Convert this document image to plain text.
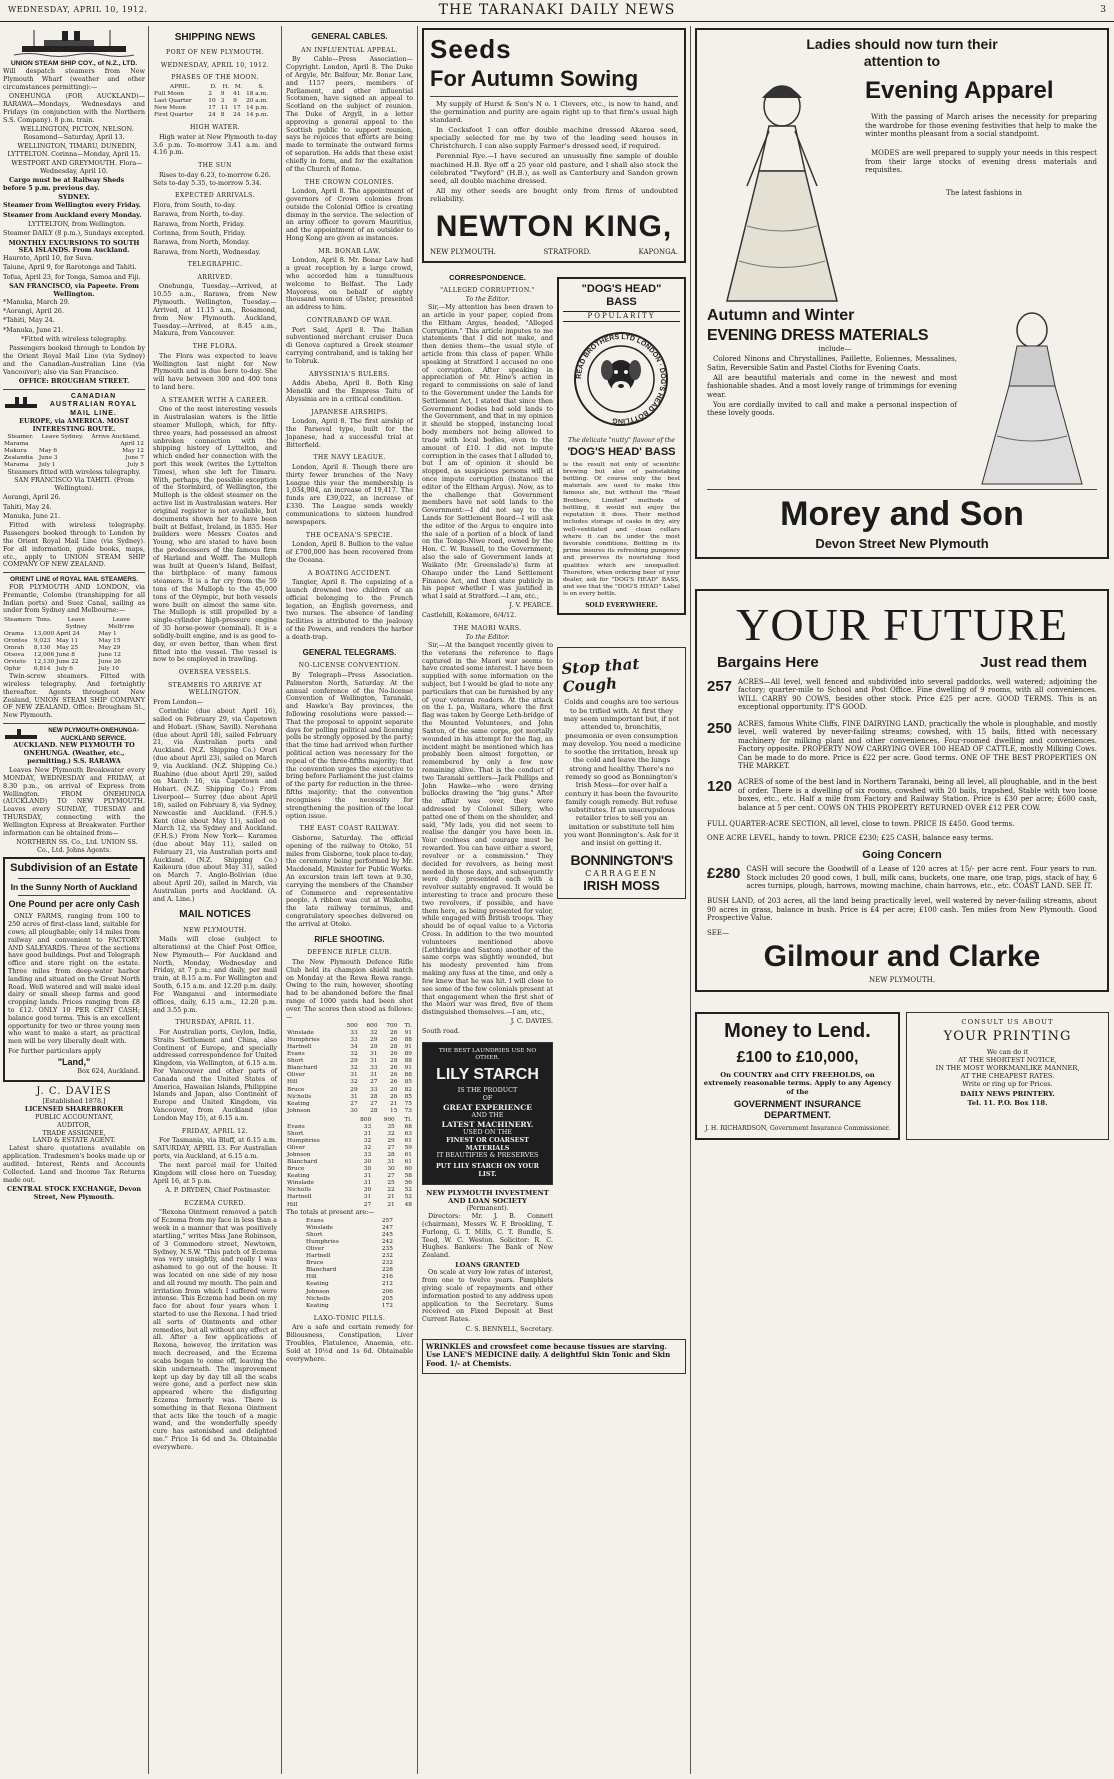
WEDNESDAY, APRIL 10, 1912.	THE TARANAKI DAILY NEWS	3
UNION STEAM SHIP COY., of N.Z., LTD.

Will despatch steamers from New Plymouth Wharf (weather and other circumstances permitting):—

ONEHUNGA (FOR AUCKLAND)—RARAWA—Mondays, Wednesdays and Fridays (in conjunction with the Northern S.S. Company). 8 p.m. train.

WELLINGTON, PICTON, NELSON. Rosamond—Saturday, April 13.

WELLINGTON, TIMARU, DUNEDIN, LYTTELTON. Corinna—Monday, April 15.

WESTPORT AND GREYMOUTH. Flora—Wednesday, April 10.

Cargo must be at Railway Sheds before 5 p.m. previous day.

SYDNEY.

Steamer from Wellington every Friday.

Steamer from Auckland every Monday.

LYTTELTON, from Wellington.

Steamer DAILY (8 p.m.), Sundays excepted.

MONTHLY EXCURSIONS TO SOUTH SEA ISLANDS. From Auckland.

Hauroto, April 10, for Suva.

Taiune, April 9, for Rarotonga and Tahiti.

Tofua, April 23, for Tonga, Samoa and Fiji.

SAN FRANCISCO, via Papeete. From Wellington.

*Manuka, March 29.

*Aorangi, April 26.

*Tahiti, May 24.

*Manuka, June 21.

*Fitted with wireless telegraphy.

Passengers booked through to London by the Orient Royal Mail Line (via Sydney) and the Canadian-Australian Line (via Vancouver); also via San Francisco.

OFFICE: BROUGHAM STREET.
CANADIAN AUSTRALIAN ROYAL MAIL LINE.
EUROPE, via AMERICA. MOST INTERESTING ROUTE.
Steamer.	Leave Sydney.	Arrive Auckland.
Marama		April 12
Makura	May 6	May 12
Zealandia	June 3	June 7
Marama	July 1	July 5

Steamers fitted with wireless telegraphy. SAN FRANCISCO Via TAHITI. (From Wellington).

Aorangi, April 26.

Tahiti, May 24.

Manuka, June 21.

Fitted with wireless telegraphy. Passengers booked through to London by the Orient Royal Mail Line (via Sydney). For all information, guide books, maps, etc., apply to UNION STEAM SHIP COMPANY OF NEW ZEALAND.

ORIENT LINE of ROYAL MAIL STEAMERS.

FOR PLYMOUTH AND LONDON, via Fremantle, Colombo (transhipping for all Indian ports) and Suez Canal, sailing as under from Sydney and Melbourne:—

Steamers	Tons.	Leave Sydney	Leave Melb'rne
Orama	13,000	April 24	May 1
Orontes	9,023	May 11	May 15
Omrah	8,130	May 25	May 29
Otsova	12,006	June 8	June 12
Orvieto	12,130	June 22	June 26
Ophir	6,814	July 6	July 10

Twin-screw steamers. Fitted with wireless telegraphy. And fortnightly thereafter. Agents throughout New Zealand, UNION STEAM SHIP COMPANY OF NEW ZEALAND. Office: Brougham St., New Plymouth.

NEW PLYMOUTH-ONEHUNGA-AUCKLAND SERVICE.

AUCKLAND. NEW PLYMOUTH TO ONEHUNGA. (Weather, etc., permitting.) S.S. RARAWA

Leaves New Plymouth Breakwater every MONDAY, WEDNESDAY and FRIDAY, at 8.30 p.m., on arrival of Express from Wellington. FROM ONEHUNGA (AUCKLAND) TO NEW PLYMOUTH. Leaves every SUNDAY, TUESDAY and THURSDAY, connecting with the Wellington Express at Breakwater. Further information can be obtained from—

NORTHERN SS. Co., Ltd. UNION SS. Co., Ltd. Johns Agents.

Subdivision of an Estate
In the Sunny North of Auckland
One Pound per acre only Cash

ONLY FARMS, ranging from 100 to 250 acres of first-class land, suitable for cows; all ploughable; only 14 miles from railway and convenient to FACTORY AND SALEYARDS. Three of the sections have good buildings. Post and Telegraph office and store right on the estate. Three miles from deep-water harbor landing and situated on the Great North Road. Well watered and will make ideal dairy or small sheep farms and good cropping lands. Prices ranging from £8 to £12. ONLY 10 PER CENT CASH; balance good terms. This is an excellent opportunity for two or three young men who want to make a start, as practical men will be very liberally dealt with.

For further particulars apply

"Land,"

Box 624, Auckland.

J. C. DAVIES
[Established 1878.]
LICENSED SHAREBROKER
PUBLIC ACCOUNTANT,
AUDITOR,
TRADE ASSIGNEE,
LAND & ESTATE AGENT.

Latest share quotations available on application. Tradesmen's books made up or audited. Interest, Rents and Accounts Collected. Land and Income Tax Returns made out.

CENTRAL STOCK EXCHANGE, Devon Street, New Plymouth.
SHIPPING NEWS
PORT OF NEW PLYMOUTH.
WEDNESDAY, APRIL 10, 1912.
PHASES OF THE MOON.
APRIL.	D.	H.	M.	S.
Full Moon	2	9	41	18 a.m.
Last Quarter	10	3	9	20 a.m.
New Moon	17	11	17	14 p.m.
First Quarter	24	8	24	14 p.m.
HIGH WATER.

High water at New Plymouth to-day 3.6 p.m. To-morrow 3.41 a.m. and 4.16 p.m.

THE SUN

Rises to-day 6.23, to-morrow 6.26. Sets to-day 5.35, to-morrow 5.34.

EXPECTED ARRIVALS.

Flora, from South, to-day.

Rarawa, from North, to-day.

Rarawa, from North, Friday.

Corinna, from South, Friday.

Rarawa, from North, Monday.

Rarawa, from North, Wednesday.

TELEGRAPHIC.
ARRIVED.

Onehunga, Tuesday.—Arrived, at 10.55 a.m., Rarawa, from New Plymouth. Wellington, Tuesday.—Arrived, at 11.15 a.m., Rosamond, from New Plymouth. Auckland, Tuesday.—Arrived, at 8.45 a.m., Makura, from Vancouver.

THE FLORA.

The Flora was expected to leave Wellington last night for New Plymouth and is due here to-day. She will have between 300 and 400 tons to land here.

A STEAMER WITH A CAREER.

One of the most interesting vessels in Australasian waters is the little steamer Mulloph, which, for fifty-three years, had possessed an almost unbroken connection with the shipping history of Lyttelton, and which ended her connection with the port this week (writes the Lyttelton Times), when she left for Timaru. With, perhaps, the possible exception of the Stormbird, of Wellington, the Mulloph is the oldest steamer on the active list in Australasian waters. Her original register is not available, but documents shown her to have been built at Belfast, Ireland, in 1855. Her builders were Messrs Coates and Young, who are stated to have been the predecessors of the famous firm of Harland and Wolff. The Mulloph was built at Queen's Island, Belfast, the birthplace of many famous steamers. It is a far cry from the 59 tons of the Mulloph to the 45,000 tons of the Olympic, but both vessels were built on almost the same site. The Mulloph is still propelled by a single-cylinder high-pressure engine of 35 horse-power (nominal). It is a solidly-built engine, and is as good to-day, or even better, than when first fitted into the vessel. The vessel is now to be employed in trawling.

OVERSEA VESSELS.
STEAMERS TO ARRIVE AT WELLINGTON.

From London—

Corinthic (due about April 16), sailed on February 29, via Capetown and Hobart. (Shaw, Savill). Nerehana (due about April 18), sailed February 21, via Australian ports and Auckland. (N.Z. Shipping Co.) Orari (due about April 23), sailed on March 9, via Auckland. (N.Z. Shipping Co.) Ruahine (due about April 29), sailed on March 16, via Capetown and Hobart. (N.Z. Shipping Co.) From Liverpool— Surrey (due about April 18), sailed on February 8, via Sydney, Newcastle and Auckland. (F.H.S.) Kent (due about May 11), sailed on March 12, via Sydney and Auckland. (F.H.S.) From New York— Karamea (due about May 11), sailed on February 21, via Australian ports and Auckland. (N.Z. Shipping Co.) Kaikoura (due about May 31), sailed on March 7. Anglo-Bolivian (due about April 20), sailed in March, via Australian ports and Auckland. (A. and A. Line.)

MAIL NOTICES
NEW PLYMOUTH.

Mails will close (subject to alterations) at the Chief Post Office, New Plymouth— For Auckland and North, Monday, Wednesday and Friday, at 7 p.m.; and daily, per mail train, at 8.15 a.m. For Wellington and South, 6.15 a.m. and 12.20 p.m. daily. For Wanganui and intermediate offices, daily, 6.15 a.m., 12.20 p.m. and 3.55 p.m.

THURSDAY, APRIL 11.

For Australian ports, Ceylon, India, Straits Settlement and China, also Continent of Europe, and specially addressed correspondence for United Kingdom, via Wellington, at 6.15 a.m. For Vancouver and other parts of Canada and the United States of America, Hawaiian Islands, Philippine Islands and Japan, also Continent of Europe and United Kingdom, via Vancouver, from Auckland (due London May 15), at 6.15 a.m.

FRIDAY, APRIL 12.

For Tasmania, via Bluff, at 6.15 a.m. SATURDAY, APRIL 13. For Australian ports, via Auckland, at 6.15 a.m.

The next parcel mail for United Kingdom will close here on Tuesday, April 16, at 5 p.m.

A. P. DRYDEN, Chief Postmaster.

ECZEMA CURED.

"Rexona Ointment removed a patch of Eczema from my face in less than a week in a manner that was positively startling," writes Miss Jane Robinson, of 3 Commodore street, Newtown, Sydney, N.S.W. "This patch of Eczema was very unsightly, and really I was ashamed to go out of the house. It was located on one side of my nose and all round my mouth. The pain and irritation from which I suffered were intense. This Eczema had been on my face for about four years when I started to use the Rexona. I had tried all sorts of Ointments and other remedies, but all without any effect at all. After a few applications of Rexona, however, the irritation was much decreased, and the Eczema scabs began to come off, leaving the skin underneath. The improvement kept up day by day till all the scabs were gone, and a perfect new skin appeared where the disfiguring Eczema formerly was. There is something in that Rexona Ointment that acts like the touch of a magic wand, and the wonderfully speedy cure has astonished and delighted me." Price 1s 6d and 3s. Obtainable everywhere.

GENERAL CABLES.
AN INFLUENTIAL APPEAL.

By Cable—Press Association—Copyright. London, April 8. The Duke of Argyle, Mr. Balfour, Mr. Bonar Law, and 1157 peers, members of Parliament, and other influential Scotsmen, have signed an appeal to Scotland on the subject of reunion. The Duke of Argyll, in a letter approving a general appeal to the Scottish public to support reunion, says he rejoices that efforts are being made to terminate the outward forms of separation. He adds that these exist chiefly in form, and for the exaltation of the Church of Rome.

THE CROWN COLONIES.

London, April 8. The appointment of governors of Crown colonies from outside the Colonial Office is creating dismay in the service. The selection of an army officer to govern Mauritius, and the appointment of an outsider to Hong Kong are given as instances.

MR. BONAR LAW.

London, April 8. Mr. Bonar Law had a great reception by a large crowd, who accorded him a tumultuous welcome to Belfast. The Lady Mayoress, on behalf of eighty thousand women of Ulster, presented an address to him.

CONTRABAND OF WAR.

Port Said, April 8. The Italian subventioned merchant cruiser Duca di Genova captured a Greek steamer carrying contraband, and is taking her to Tobruk.

ABYSSINIA'S RULERS.

Addis Abeba, April 8. Both King Menelik and the Empress Taitu of Abyssinia are in a critical condition.

JAPANESE AIRSHIPS.

London, April 8. The first airship of the Parseval type, built for the Japanese, had a successful trial at Bitterfield.

THE NAVY LEAGUE.

London, April 8. Though there are thirty fewer branches of the Navy League this year the membership is 1,034,904, an increase of 19,417. The funds are £39,022, an increase of £330. The League sends weekly communications to sixteen hundred newspapers.

THE OCEANA'S SPECIE.

London, April 8. Bullion to the value of £700,000 has been recovered from the Oceana.

A BOATING ACCIDENT.

Tangier, April 8. The capsizing of a launch drowned two children of an official belonging to the French legation, an English governess, and two nurses. The absence of landing facilities is attributed to the jealousy of the Powers, and renders the harbor a death-trap.

GENERAL TELEGRAMS.
NO-LICENSE CONVENTION.

By Telegraph—Press Association. Palmerston North, Saturday. At the annual conference of the No-license Convention of Wellington, Taranaki, and Hawke's Bay provinces, the following resolutions were passed:—That the proposal to appoint separate days for polling political and licensing polls be strongly opposed by the party; that the time had arrived when further political action was necessary for the repeal of the three-fifths majority; that the convention urges the executive to bring before Parliament the just claims of the party for reduction in the three-fifths majority; that the convention recognises the necessity for strengthening the position of the local option issue.

THE EAST COAST RAILWAY.

Gisborne, Saturday. The official opening of the railway to Otoko, 51 miles from Gisborne, took place to-day, the ceremony being performed by Mr. Macdonald, Minister for Public Works. An excursion train left town at 9.30, carrying the members of the Chamber of Commerce and representative people. A ribbon was cut at Waikohu, the late railway terminus, and congratulatory speeches delivered on the arrival at Otoko.

RIFLE SHOOTING.
DEFENCE RIFLE CLUB.

The New Plymouth Defence Rifle Club held its champion shield match on Monday at the Rewa Rewa range. Owing to the rain, however, shooting had to be abandoned before the final range of 1000 yards had been shot over. The scores then stood as follows:—

	500	600	700	Tl.
Winslade	33	32	26	91
Humphries	33	29	26	88
Hartnell	34	29	28	91
Evans	32	31	26	89
Short	29	31	28	88
Blanchard	32	33	26	91
Oliver	31	31	26	88
Hill	32	27	26	85
Bruce	29	33	20	82
Nicholls	31	28	26	85
Keating	27	27	21	75
Johnson	30	28	15	73
	800	900	Tl.
Evans	33	35	68
Short	31	32	63
Humphries	32	29	61
Oliver	32	27	59
Johnson	33	28	61
Blanchard	30	31	61
Bruce	30	30	60
Keating	31	27	58
Winslade	31	25	56
Nicholls	30	22	52
Hartnell	31	21	52
Hill	27	21	48

The totals at present are:—

Evans	257
Winslade	247
Short	245
Humphries	242
Oliver	235
Hartnell	232
Bruce	232
Blanchard	228
Hill	216
Keating	212
Johnson	206
Nicholls	205
Keating	172
LAXO-TONIC PILLS.

Are a safe and certain remedy for Biliousness, Constipation, Liver Troubles, Flatulence, Anaemia, etc. Sold at 10½d and 1s 6d. Obtainable everywhere.

Seeds
For Autumn Sowing

My supply of Hurst & Son's N o. 1 Clovers, etc., is now to hand, and the germination and purity are again right up to that firm's usual high standard.

In Cocksfoot I can offer double machine dressed Akaroa seed, specially selected for me by two of the leading seed houses in Christchurch. I can also supply Farmer's dressed seed, if required.

Perennial Rye.—I have secured an unusually fine sample of double machined H.B. Rye off a 25 year old pasture, and I shall also stock the celebrated "Twyford" (H.B.), as well as Canterbury and Sandon grown seed, all double machine dressed.

All my other seeds are bought only from firms of undoubted reliability.

NEWTON KING,
NEW PLYMOUTH.	STRATFORD.	KAPONGA.
CORRESPONDENCE.
"ALLEGED CORRUPTION."
To the Editor.

Sir,—My attention has been drawn to an article in your paper, copied from the Eltham Argus, headed, "Alleged Corruption." This article imputes to me statements that I did not make, and then denies them—the usual style of article from this class of paper. While speaking at Stratford I accused no one of corruption. After speaking in appreciation of Mr. Hine's action in regard to commissions on sale of land to the Government under the Lands for Settlement Act, I stated that since then Government bodies had sold lands to the Government, and that in my opinion it should be stopped, instancing local body members not being allowed to trade with local bodies, even to the amount of £10. I did not impute corruption in the cases that I alluded to, but I am of opinion it should be stopped, as suspicious persons will at once impute corruption (instance the editor of the Eltham Argus). Now, as to the challenge that Government members have not sold lands to the Government:—I did not say to the Lands for Settlement Board—I will ask the editor of the Argus to enquire into the sale of a portion of a block of land on the Tongo-Niwe road, owned by the Hon. C. W. Russell, to the Government; also the sale of Government lands at Waikato (Mr. Greenslade's) farm at Ohaupo under the Land Settlement Finance Act, and then state publicly in his paper whether I was justified in what I said at Stratford.—I am, etc.,

J. V. PEARCE.

Castlehill, Kokamore, 6/4/12.

THE MAORI WARS.
To the Editor.

Sir,—At the banquet recently given to the veterans the reference to flags captured in the Maori war seems to have created some interest. I have been supplied with some information on the subject, but I would be glad to note any particulars that can be furnished by any of your veteran readers. At the attack on the L pa, Waitara, where the first flag was taken by George Leth-bridge of the Mounted Volunteers, and John Saxton, of the same corps, got mortally wounded in his attempt for the flag, an incident might be mentioned which has probably been almost forgotten, or remembered by only a few now remaining alive. That is the conduct of two Taranaki settlers—Jack Phillips and John Hawke—who were driving bullocks drawing the "big guns." After the affair was over, they were addressed by Colonel Sillery, who patted one of them on the shoulder, and said, "My lads, you did not seem to realise the danger you have been in. Your coolness and courage must be rewarded. You can have either a sword, revolver or a commission." They decided for revolvers, as being most needed in those days, and subsequently were duly presented each with a revolver suitably engraved. It would be interesting to trace and procure these two revolvers, if possible, and have them here, as being presented for valor, while engaged with British troops. They should be of equal value to a Victoria Cross. In addition to the two mounted volunteers mentioned above (Lethbridge and Saxton) another of the same corps was slightly wounded, but his modesty prevented him from making any fuss at the time, and only a few knew that he was hit. I will close to see some of the few colonials present at that engagement when the first shot of the Maori war was fired, five of them distinguished themselves.—I am, etc.,

J. C. DAVIES.

South road.

THE BEST LAUNDRIES USE NO OTHER.
LILY STARCH
IS THE PRODUCT
OF
GREAT EXPERIENCE
AND THE
LATEST MACHINERY.
USED ON THE
FINEST OR COARSEST MATERIALS
IT BEAUTIFIES & PRESERVES
PUT LILY STARCH ON YOUR LIST.
NEW PLYMOUTH INVESTMENT AND LOAN SOCIETY
(Permanent).

Directors: Mr. J. B. Connett (chairman), Messrs W. F. Brookling, T. Furlong, G. T. Mills, C. T. Bundle, S. Teed, W. C. Weston. Solicitor: R. C. Hughes. Bankers: The Bank of New Zealand.

LOANS GRANTED

On scale at very low rates of interest, from one to twelve years. Pamphlets giving scale of repayments and other information posted to any address upon application to the Secretary. Sums received on Fixed Deposit at Best Current Rates.

C. S. BENNELL, Secretary.

"DOG'S HEAD"
BASS
POPULARITY
READ BROTHERS LTD LONDON · DOG'S HEAD BOTTLING
The delicate "nutty" flavour of the
'DOG'S HEAD' BASS

is the result not only of scientific brewing but also of painstaking bottling. Of course only the best materials are used to make this famous ale, but without the "Read Brothers, Limited" methods of bottling, it would not enjoy the reputation it does. Their method includes storage of casks in dry, airy well-ventilated and clean cellars where it can be under the most favorable conditions. Bottling in its prime insures its refreshing pungency and preserves its nourishing food qualities which are unequalled. Therefore, when ordering beer of your dealer, ask for "DOG'S HEAD" BASS, and see that the "DOG'S HEAD" Label is on every bottle.

SOLD EVERYWHERE.
Stop that Cough

Colds and coughs are too serious to be trifled with. At first they may seem unimportant but, if not attended to, bronchitis, pneumonia or even consumption may develop. You need a medicine to soothe the irritation, break up the cold and leave the lungs strong and healthy. There's no remedy so good as Bonnington's Irish Moss—for over half a century it has been the favourite family cough remedy. But refuse substitutes. If an unscrupulous retailer tries to sell you an imitation or substitute tell him you want Bonnington's. Ask for it and insist on getting it.

BONNINGTON'S
CARRAGEEN
IRISH MOSS

WRINKLES and crowsfeet come because tissues are starving. Use LANE'S MEDICINE daily. A delightful Skin Tonic and Skin Food. 1/- at Chemists.

Ladies should now turn their
attention to
Evening Apparel

With the passing of March arises the necessity for preparing the wardrobe for those evening festivities that help to make the winter months pleasant from a social standpoint.

MODES are well prepared to supply your needs in this respect from their large stocks of evening dress materials and requisites.

The latest fashions in

Autumn and Winter
EVENING DRESS MATERIALS

include—

Colored Ninons and Chrystallines, Paillette, Eoliennes, Messalines, Satin, Reversible Satin and Pastel Cloths for Evening Coats.

All are beautiful materials and come in the newest and most fashionable shades. And a most lovely range of trimmings for evening wear.

You are cordially invited to call and make a personal inspection of these lovely goods.

Morey and Son
Devon Street New Plymouth
YOUR FUTURE
Bargains Here	Just read them
257 ACRES—All level, well fenced and subdivided into several paddocks, well watered; adjoining the factory; quarter-mile to School and Post Office. Fine dwelling of 9 rooms, with all conveniences. WILL CARRY 90 COWS, besides other stock. Price £25 per acre. GOOD TERMS. This is an exceptional opportunity. IT'S GOOD.

250 ACRES, famous White Cliffs, FINE DAIRYING LAND, practically the whole is ploughable, and mostly level, well watered by never-failing streams; cowshed, with 15 bails, fitted with necessary machinery for milking plant and other conveniences. Four-roomed dwelling and conveniences. Factory opposite. PROPERTY NOW CARRYING OVER 100 HEAD OF CATTLE, mostly Milking Cows. Can be made to do more. Price is £22 per acre. Good terms. ONE OF THE BEST PROPERTIES ON THE MARKET.

120 ACRES of some of the best land in Northern Taranaki, being all level, all ploughable, and in the best of order. There is a dwelling of six rooms, cowshed with 20 bails, trapshed, Stable with two loose boxes, etc., etc. Half a mile from Factory and Railway Station. Price is £30 per acre; £600 cash, balance at 5 per cent. COWS ON THIS PROPERTY RETURNED OVER £12 PER COW.

FULL QUARTER-ACRE SECTION, all level, close to town. PRICE IS £450. Good terms.

ONE ACRE LEVEL, handy to town. PRICE £230; £25 CASH, balance easy terms.

Going Concern
£280 CASH will secure the Goodwill of a Lease of 120 acres at 15/- per acre rent. Four years to run. Stock includes 20 good cows, 1 bull, milk cans, buckets, one mare, one trap, pigs, stack of hay, 6 acres turnips, plough, harrows, mowing machine, chain harrows, etc., etc. COAST LAND. SEE IT.

BUSH LAND, of 203 acres, all the land being practically level, well watered by never-failing streams, about 90 acres in grass, balance in bush. Price is £4 per acre; £100 cash. Ten miles from New Plymouth. Good Prospective Value.

SEE—

Gilmour and Clarke
NEW PLYMOUTH.
Money to Lend.
£100 to £10,000,
On COUNTRY and CITY FREEHOLDS, on extremely reasonable terms. Apply to any Agency of the
GOVERNMENT INSURANCE DEPARTMENT.
J. H. RICHARDSON, Government Insurance Commissioner.
CONSULT US ABOUT
YOUR PRINTING
We can do it
AT THE SHORTEST NOTICE,
IN THE MOST WORKMANLIKE MANNER,
AT THE CHEAPEST RATES.
Write or ring up for Prices.
DAILY NEWS PRINTERY.
Tel. 11. P.O. Box 118.
